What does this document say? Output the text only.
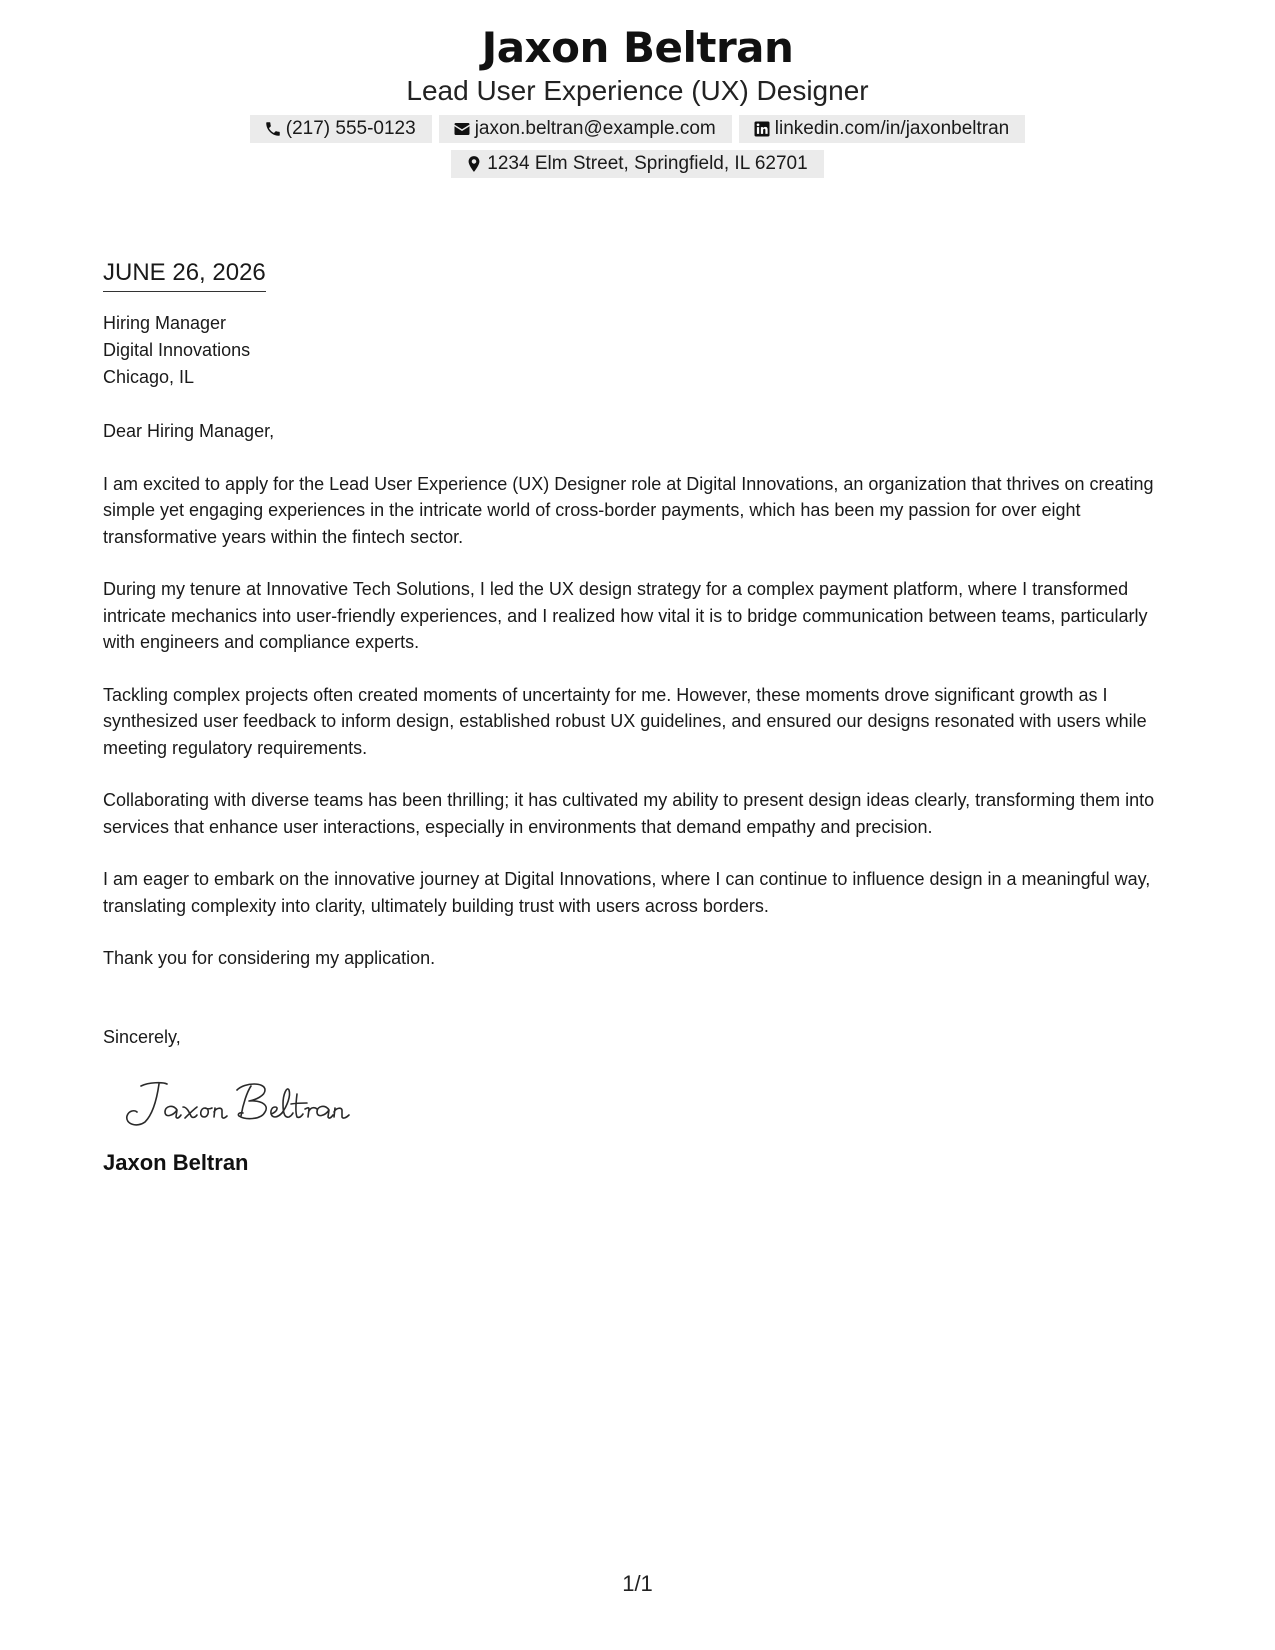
Jaxon Beltran
Lead User Experience (UX) Designer
(217) 555-0123	jaxon.beltran@example.com	linkedin.com/in/jaxonbeltran
1234 Elm Street, Springfield, IL 62701
JUNE 26, 2026
Hiring Manager
Digital Innovations
Chicago, IL

Dear Hiring Manager,

I am excited to apply for the Lead User Experience (UX) Designer role at Digital Innovations, an organization that thrives on creating simple yet engaging experiences in the intricate world of cross-border payments, which has been my passion for over eight transformative years within the fintech sector.

During my tenure at Innovative Tech Solutions, I led the UX design strategy for a complex payment platform, where I transformed intricate mechanics into user-friendly experiences, and I realized how vital it is to bridge communication between teams, particularly with engineers and compliance experts.

Tackling complex projects often created moments of uncertainty for me. However, these moments drove significant growth as I synthesized user feedback to inform design, established robust UX guidelines, and ensured our designs resonated with users while meeting regulatory requirements.

Collaborating with diverse teams has been thrilling; it has cultivated my ability to present design ideas clearly, transforming them into services that enhance user interactions, especially in environments that demand empathy and precision.

I am eager to embark on the innovative journey at Digital Innovations, where I can continue to influence design in a meaningful way, translating complexity into clarity, ultimately building trust with users across borders.

Thank you for considering my application.

Sincerely,
Jaxon Beltran
1/1
